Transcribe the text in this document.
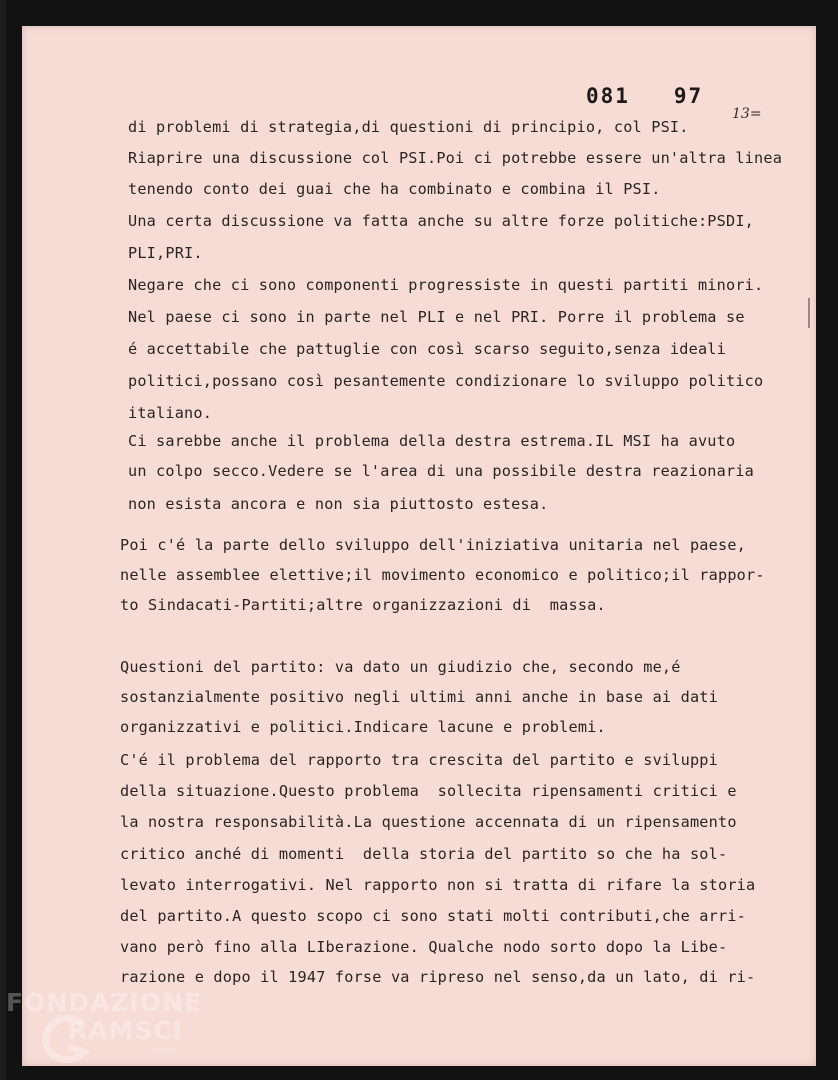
081   97
13=
di problemi di strategia,di questioni di principio, col PSI.
Riaprire una discussione col PSI.Poi ci potrebbe essere un'altra linea
tenendo conto dei guai che ha combinato e combina il PSI.
Una certa discussione va fatta anche su altre forze politiche:PSDI,
PLI,PRI.
Negare che ci sono componenti progressiste in questi partiti minori.
Nel paese ci sono in parte nel PLI e nel PRI. Porre il problema se
é accettabile che pattuglie con così scarso seguito,senza ideali
politici,possano così pesantemente condizionare lo sviluppo politico
italiano.
Ci sarebbe anche il problema della destra estrema.IL MSI ha avuto
un colpo secco.Vedere se l'area di una possibile destra reazionaria
non esista ancora e non sia piuttosto estesa.
Poi c'é la parte dello sviluppo dell'iniziativa unitaria nel paese,
nelle assemblee elettive;il movimento economico e politico;il rappor-
to Sindacati-Partiti;altre organizzazioni di  massa.
Questioni del partito: va dato un giudizio che, secondo me,é
sostanzialmente positivo negli ultimi anni anche in base ai dati
organizzativi e politici.Indicare lacune e problemi.
C'é il problema del rapporto tra crescita del partito e sviluppi
della situazione.Questo problema  sollecita ripensamenti critici e
la nostra responsabilità.La questione accennata di un ripensamento
critico anché di momenti  della storia del partito so che ha sol-
levato interrogativi. Nel rapporto non si tratta di rifare la storia
del partito.A questo scopo ci sono stati molti contributi,che arri-
vano però fino alla LIberazione. Qualche nodo sorto dopo la Libe-
razione e dopo il 1947 forse va ripreso nel senso,da un lato, di ri-
FONDAZIONE
RAMSCI
onlus
